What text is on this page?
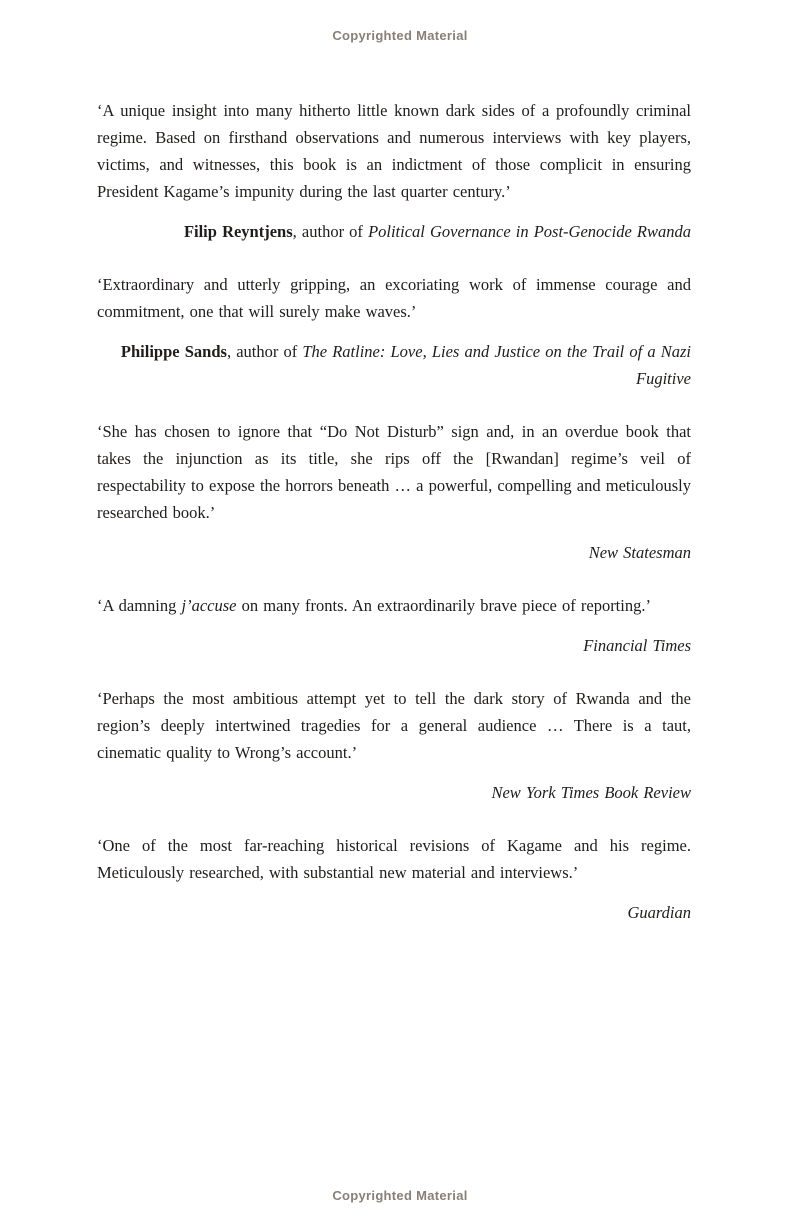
Copyrighted Material

‘A unique insight into many hitherto little known dark sides of a profoundly criminal regime. Based on firsthand observations and numerous interviews with key players, victims, and witnesses, this book is an indictment of those complicit in ensuring President Kagame’s impunity during the last quarter century.’

Filip Reyntjens, author of Political Governance in Post-Genocide Rwanda

‘Extraordinary and utterly gripping, an excoriating work of immense courage and commitment, one that will surely make waves.’

Philippe Sands, author of The Ratline: Love, Lies and Justice on the Trail of a Nazi Fugitive

‘She has chosen to ignore that “Do Not Disturb” sign and, in an overdue book that takes the injunction as its title, she rips off the [Rwandan] regime’s veil of respectability to expose the horrors beneath … a powerful, compelling and meticulously researched book.’

New Statesman

‘A damning j’accuse on many fronts. An extraordinarily brave piece of reporting.’

Financial Times

‘Perhaps the most ambitious attempt yet to tell the dark story of Rwanda and the region’s deeply intertwined tragedies for a general audience … There is a taut, cinematic quality to Wrong’s account.’

New York Times Book Review

‘One of the most far-reaching historical revisions of Kagame and his regime. Meticulously researched, with substantial new material and interviews.’

Guardian
Copyrighted Material
